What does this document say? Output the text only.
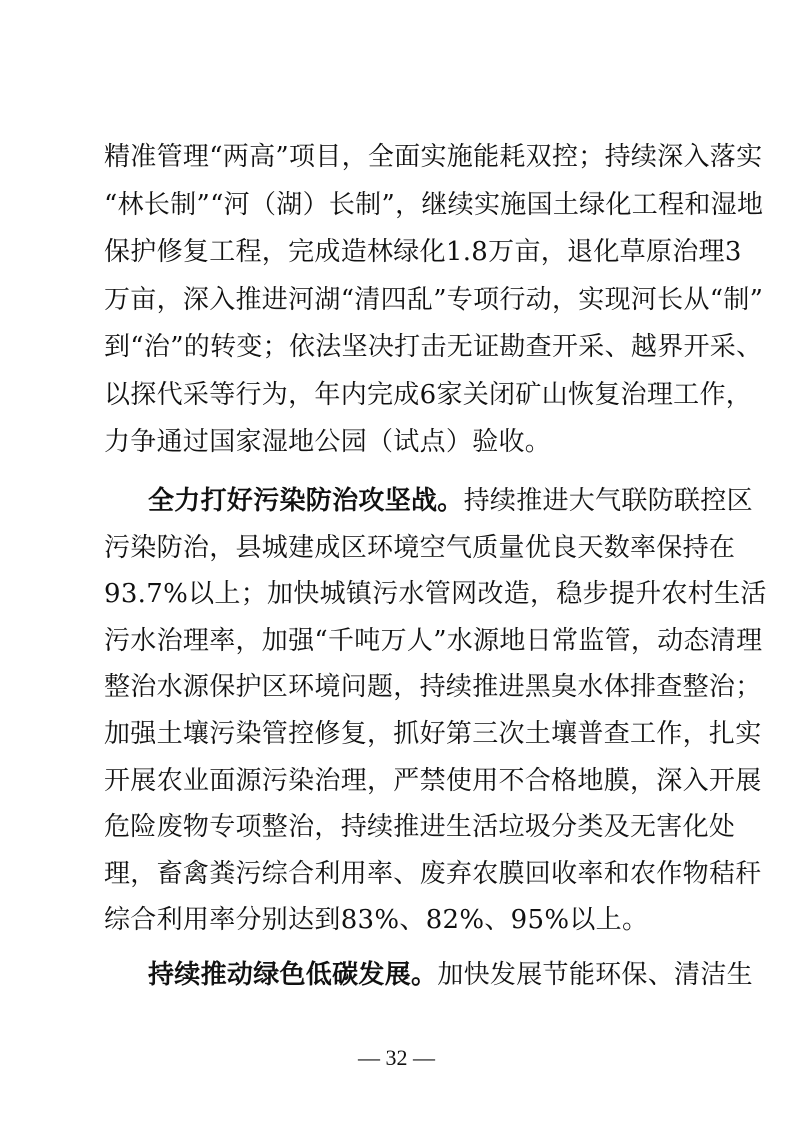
精准管理“两高”项目，全面实施能耗双控；持续深入落实
“林长制”“河（湖）长制”，继续实施国土绿化工程和湿地
保护修复工程，完成造林绿化1.8万亩，退化草原治理3
万亩，深入推进河湖“清四乱”专项行动，实现河长从“制”
到“治”的转变；依法坚决打击无证勘查开采、越界开采、
以探代采等行为，年内完成6家关闭矿山恢复治理工作，
力争通过国家湿地公园（试点）验收。
全力打好污染防治攻坚战。持续推进大气联防联控区
污染防治，县城建成区环境空气质量优良天数率保持在
93.7%以上；加快城镇污水管网改造，稳步提升农村生活
污水治理率，加强“千吨万人”水源地日常监管，动态清理
整治水源保护区环境问题，持续推进黑臭水体排查整治；
加强土壤污染管控修复，抓好第三次土壤普查工作，扎实
开展农业面源污染治理，严禁使用不合格地膜，深入开展
危险废物专项整治，持续推进生活垃圾分类及无害化处
理，畜禽粪污综合利用率、废弃农膜回收率和农作物秸秆
综合利用率分别达到83%、82%、95%以上。
持续推动绿色低碳发展。加快发展节能环保、清洁生
— 32 —
